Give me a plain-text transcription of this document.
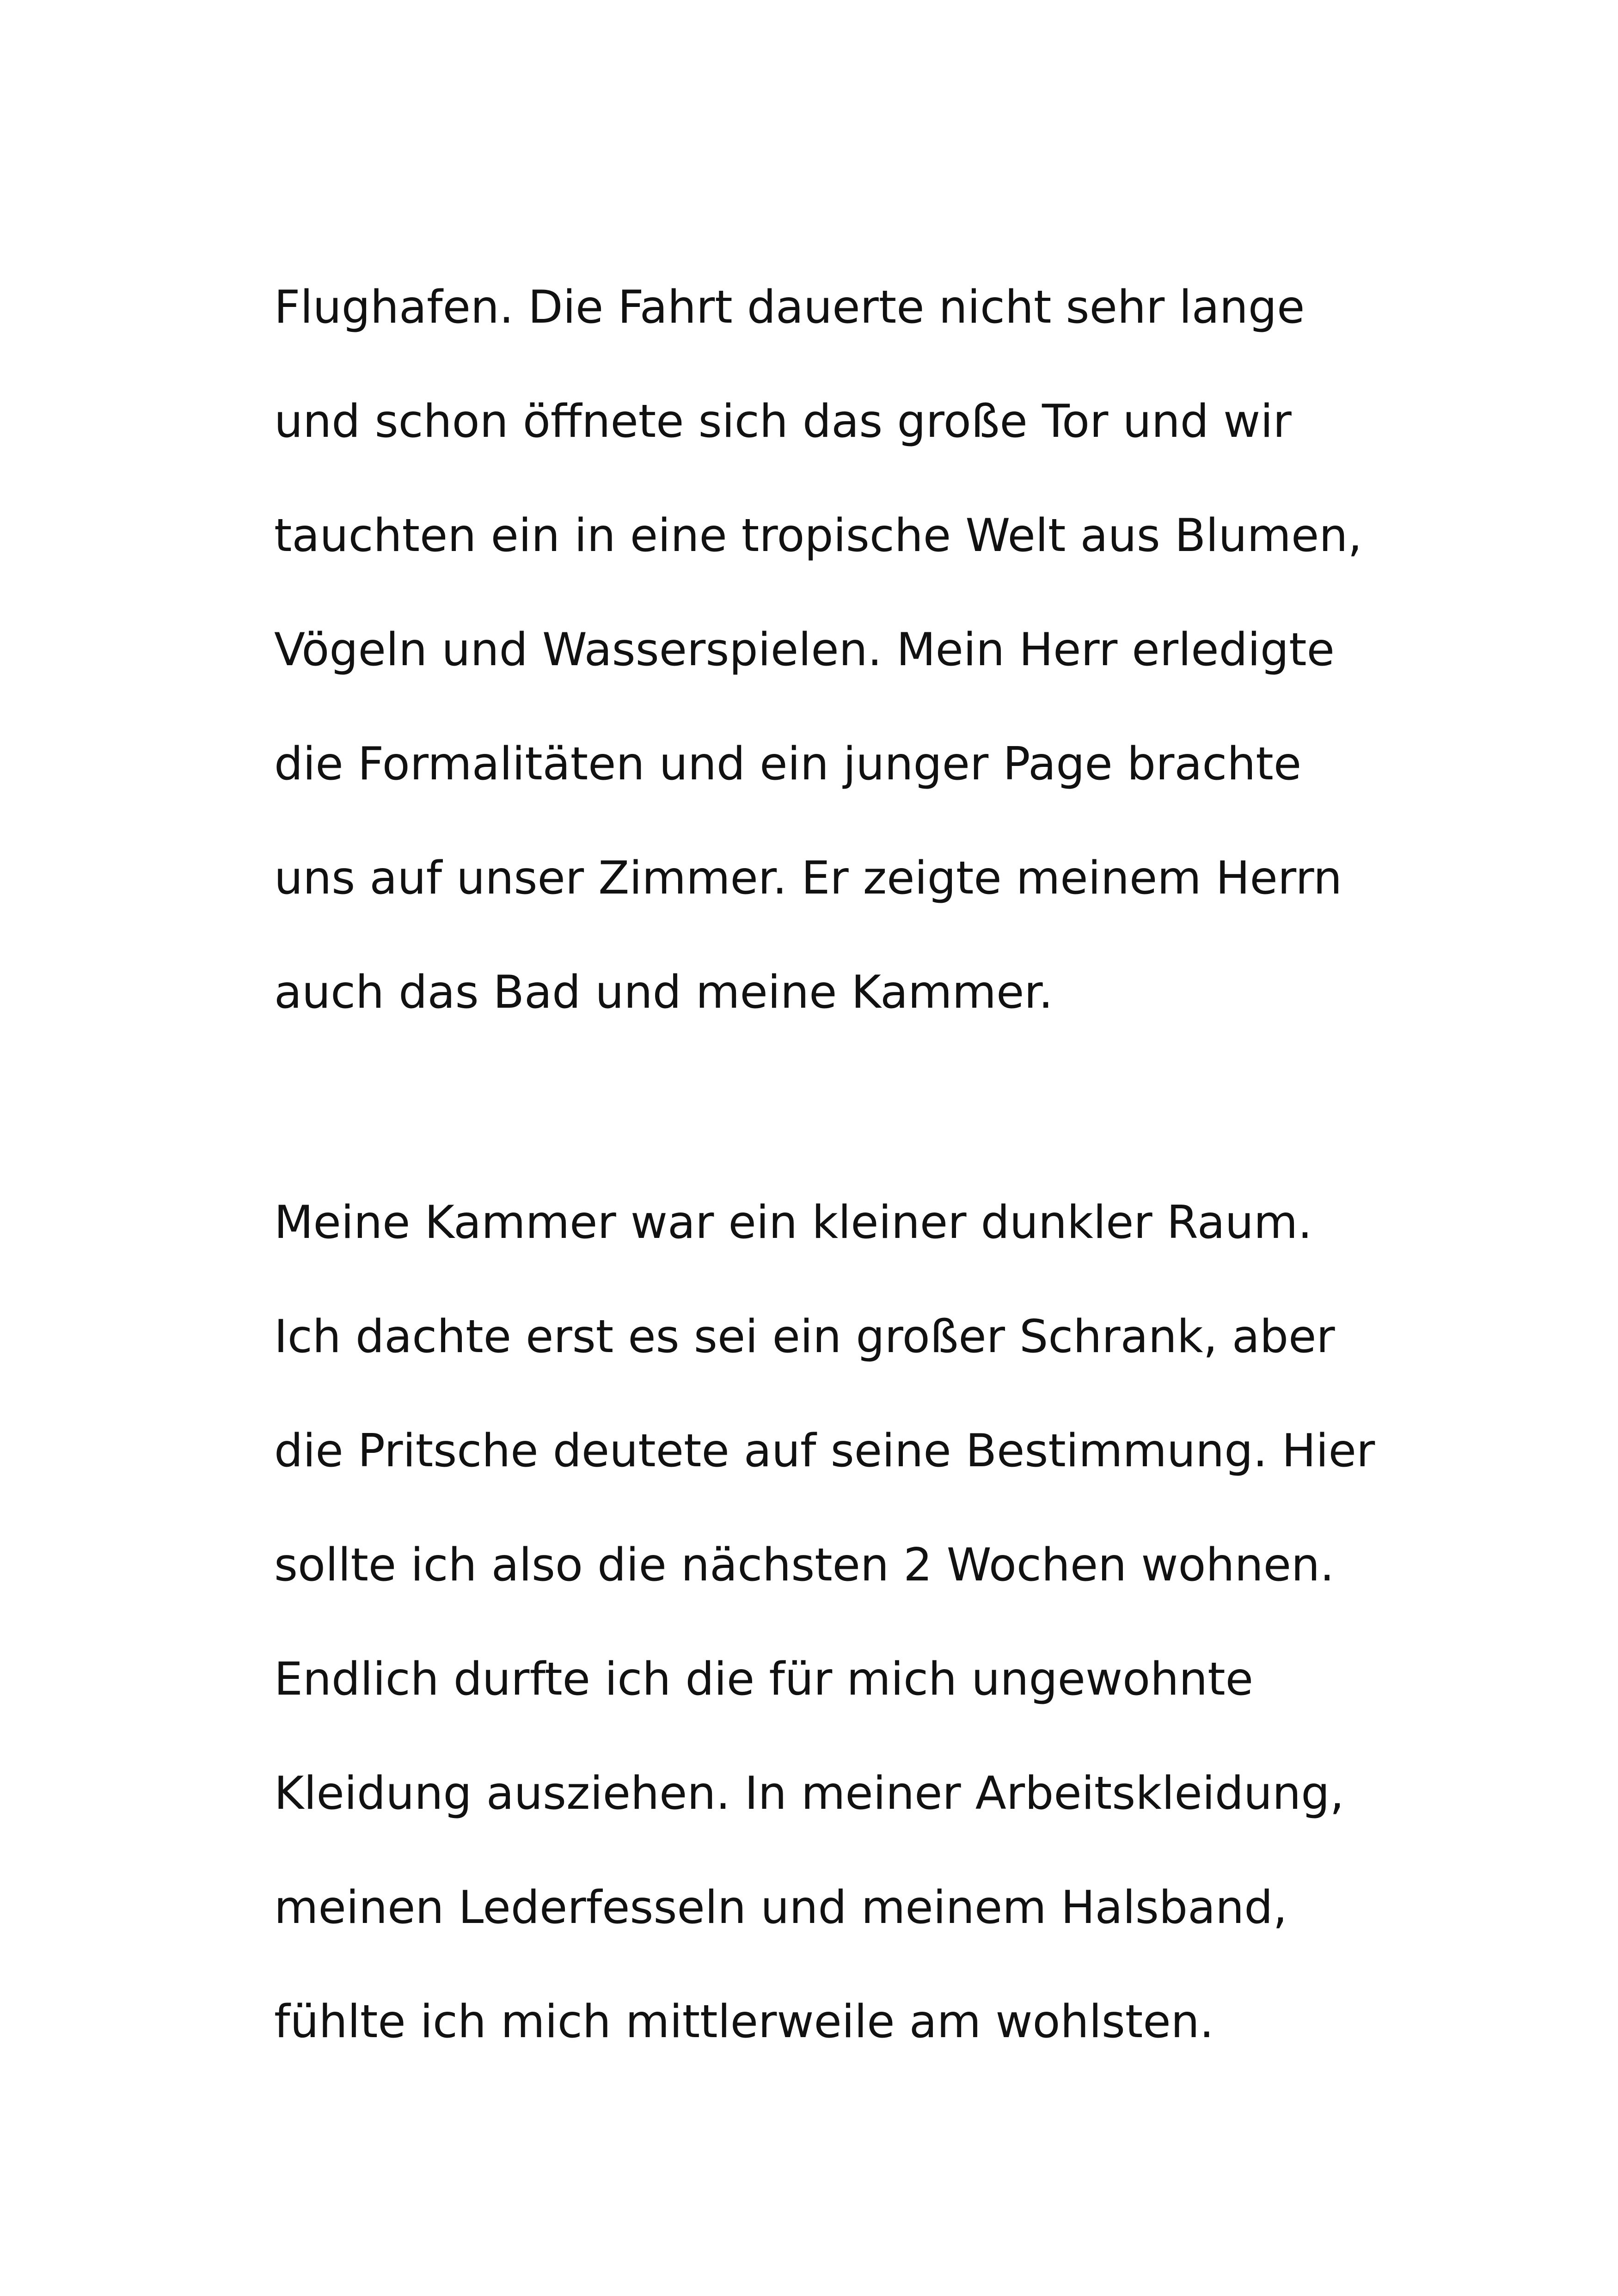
Flughafen. Die Fahrt dauerte nicht sehr lange
und schon öffnete sich das große Tor und wir
tauchten ein in eine tropische Welt aus Blumen,
Vögeln und Wasserspielen. Mein Herr erledigte
die Formalitäten und ein junger Page brachte
uns auf unser Zimmer. Er zeigte meinem Herrn
auch das Bad und meine Kammer.
Meine Kammer war ein kleiner dunkler Raum.
Ich dachte erst es sei ein großer Schrank, aber
die Pritsche deutete auf seine Bestimmung. Hier
sollte ich also die nächsten 2 Wochen wohnen.
Endlich durfte ich die für mich ungewohnte
Kleidung ausziehen. In meiner Arbeitskleidung,
meinen Lederfesseln und meinem Halsband,
fühlte ich mich mittlerweile am wohlsten.
